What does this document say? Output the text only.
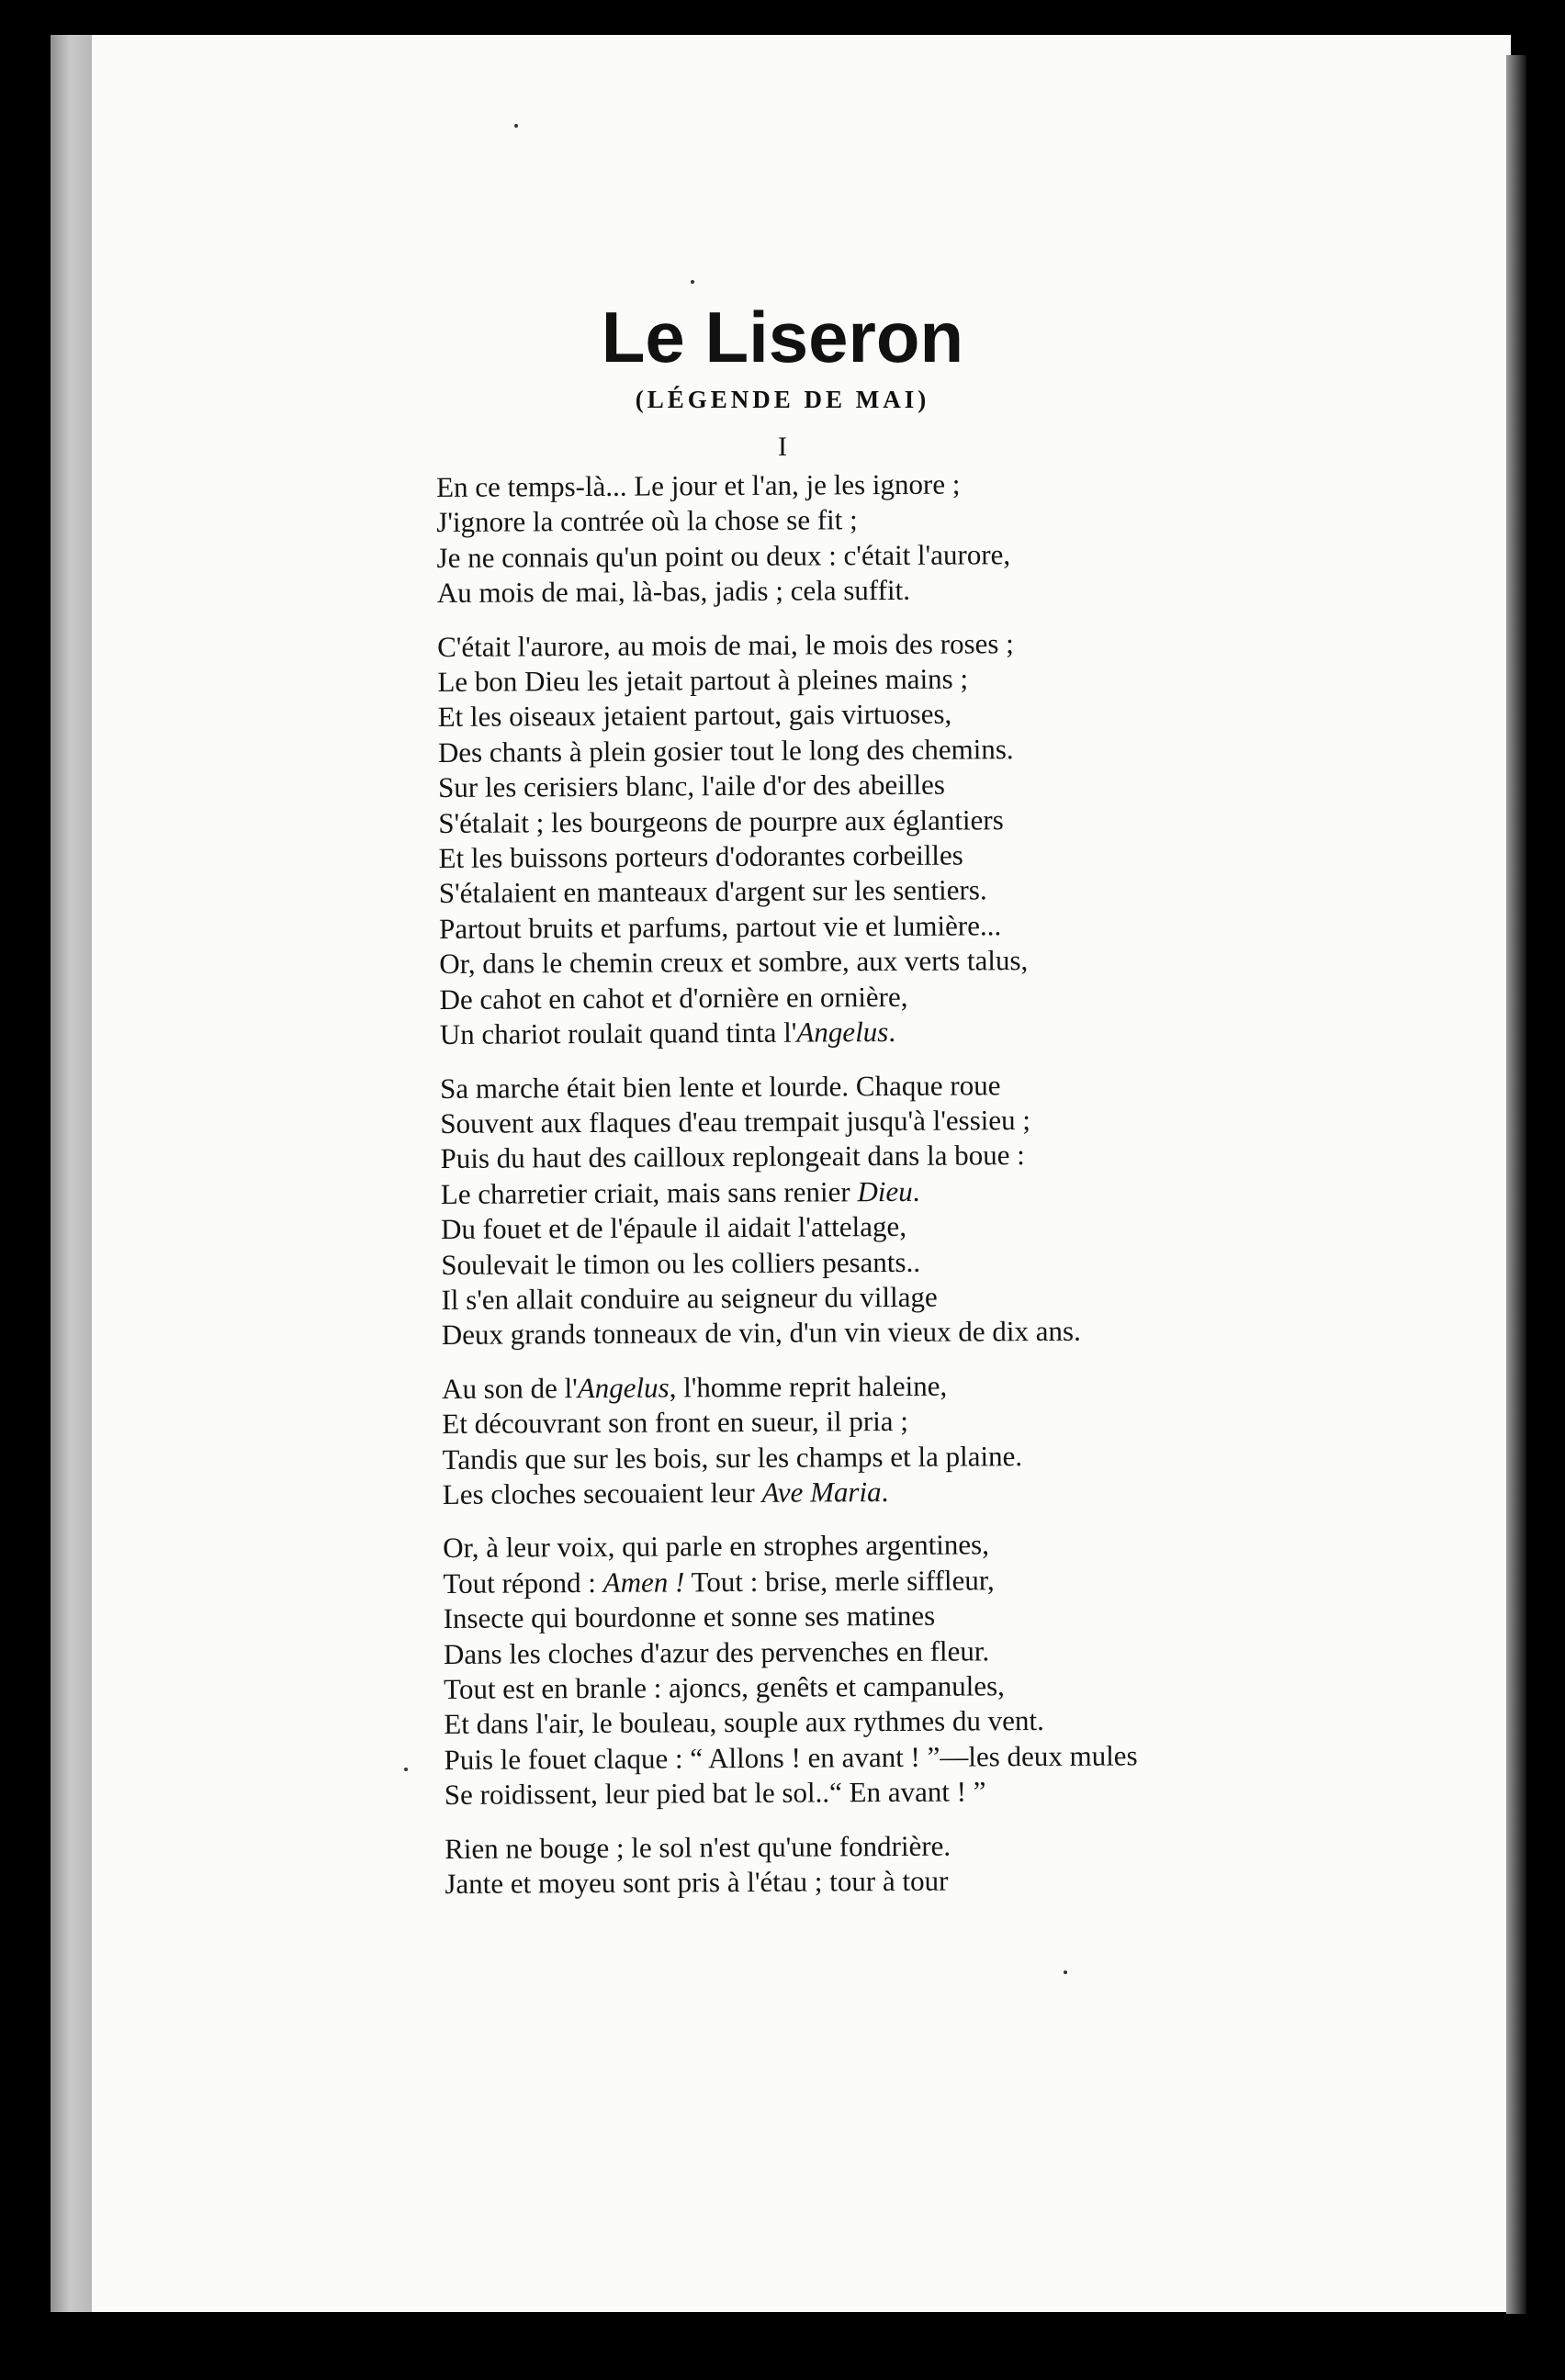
Le Liseron
(LÉGENDE DE MAI)
I
En ce temps-là... Le jour et l'an, je les ignore ;
J'ignore la contrée où la chose se fit ;
Je ne connais qu'un point ou deux : c'était l'aurore,
Au mois de mai, là-bas, jadis ; cela suffit.
C'était l'aurore, au mois de mai, le mois des roses ;
Le bon Dieu les jetait partout à pleines mains ;
Et les oiseaux jetaient partout, gais virtuoses,
Des chants à plein gosier tout le long des chemins.
Sur les cerisiers blanc, l'aile d'or des abeilles
S'étalait ; les bourgeons de pourpre aux églantiers
Et les buissons porteurs d'odorantes corbeilles
S'étalaient en manteaux d'argent sur les sentiers.
Partout bruits et parfums, partout vie et lumière...
Or, dans le chemin creux et sombre, aux verts talus,
De cahot en cahot et d'ornière en ornière,
Un chariot roulait quand tinta l'Angelus.
Sa marche était bien lente et lourde. Chaque roue
Souvent aux flaques d'eau trempait jusqu'à l'essieu ;
Puis du haut des cailloux replongeait dans la boue :
Le charretier criait, mais sans renier Dieu.
Du fouet et de l'épaule il aidait l'attelage,
Soulevait le timon ou les colliers pesants..
Il s'en allait conduire au seigneur du village
Deux grands tonneaux de vin, d'un vin vieux de dix ans.
Au son de l'Angelus, l'homme reprit haleine,
Et découvrant son front en sueur, il pria ;
Tandis que sur les bois, sur les champs et la plaine.
Les cloches secouaient leur Ave Maria.
Or, à leur voix, qui parle en strophes argentines,
Tout répond : Amen ! Tout : brise, merle siffleur,
Insecte qui bourdonne et sonne ses matines
Dans les cloches d'azur des pervenches en fleur.
Tout est en branle : ajoncs, genêts et campanules,
Et dans l'air, le bouleau, souple aux rythmes du vent.
Puis le fouet claque : “ Allons ! en avant ! ”—les deux mules
Se roidissent, leur pied bat le sol..“ En avant ! ”
Rien ne bouge ; le sol n'est qu'une fondrière.
Jante et moyeu sont pris à l'étau ; tour à tour
